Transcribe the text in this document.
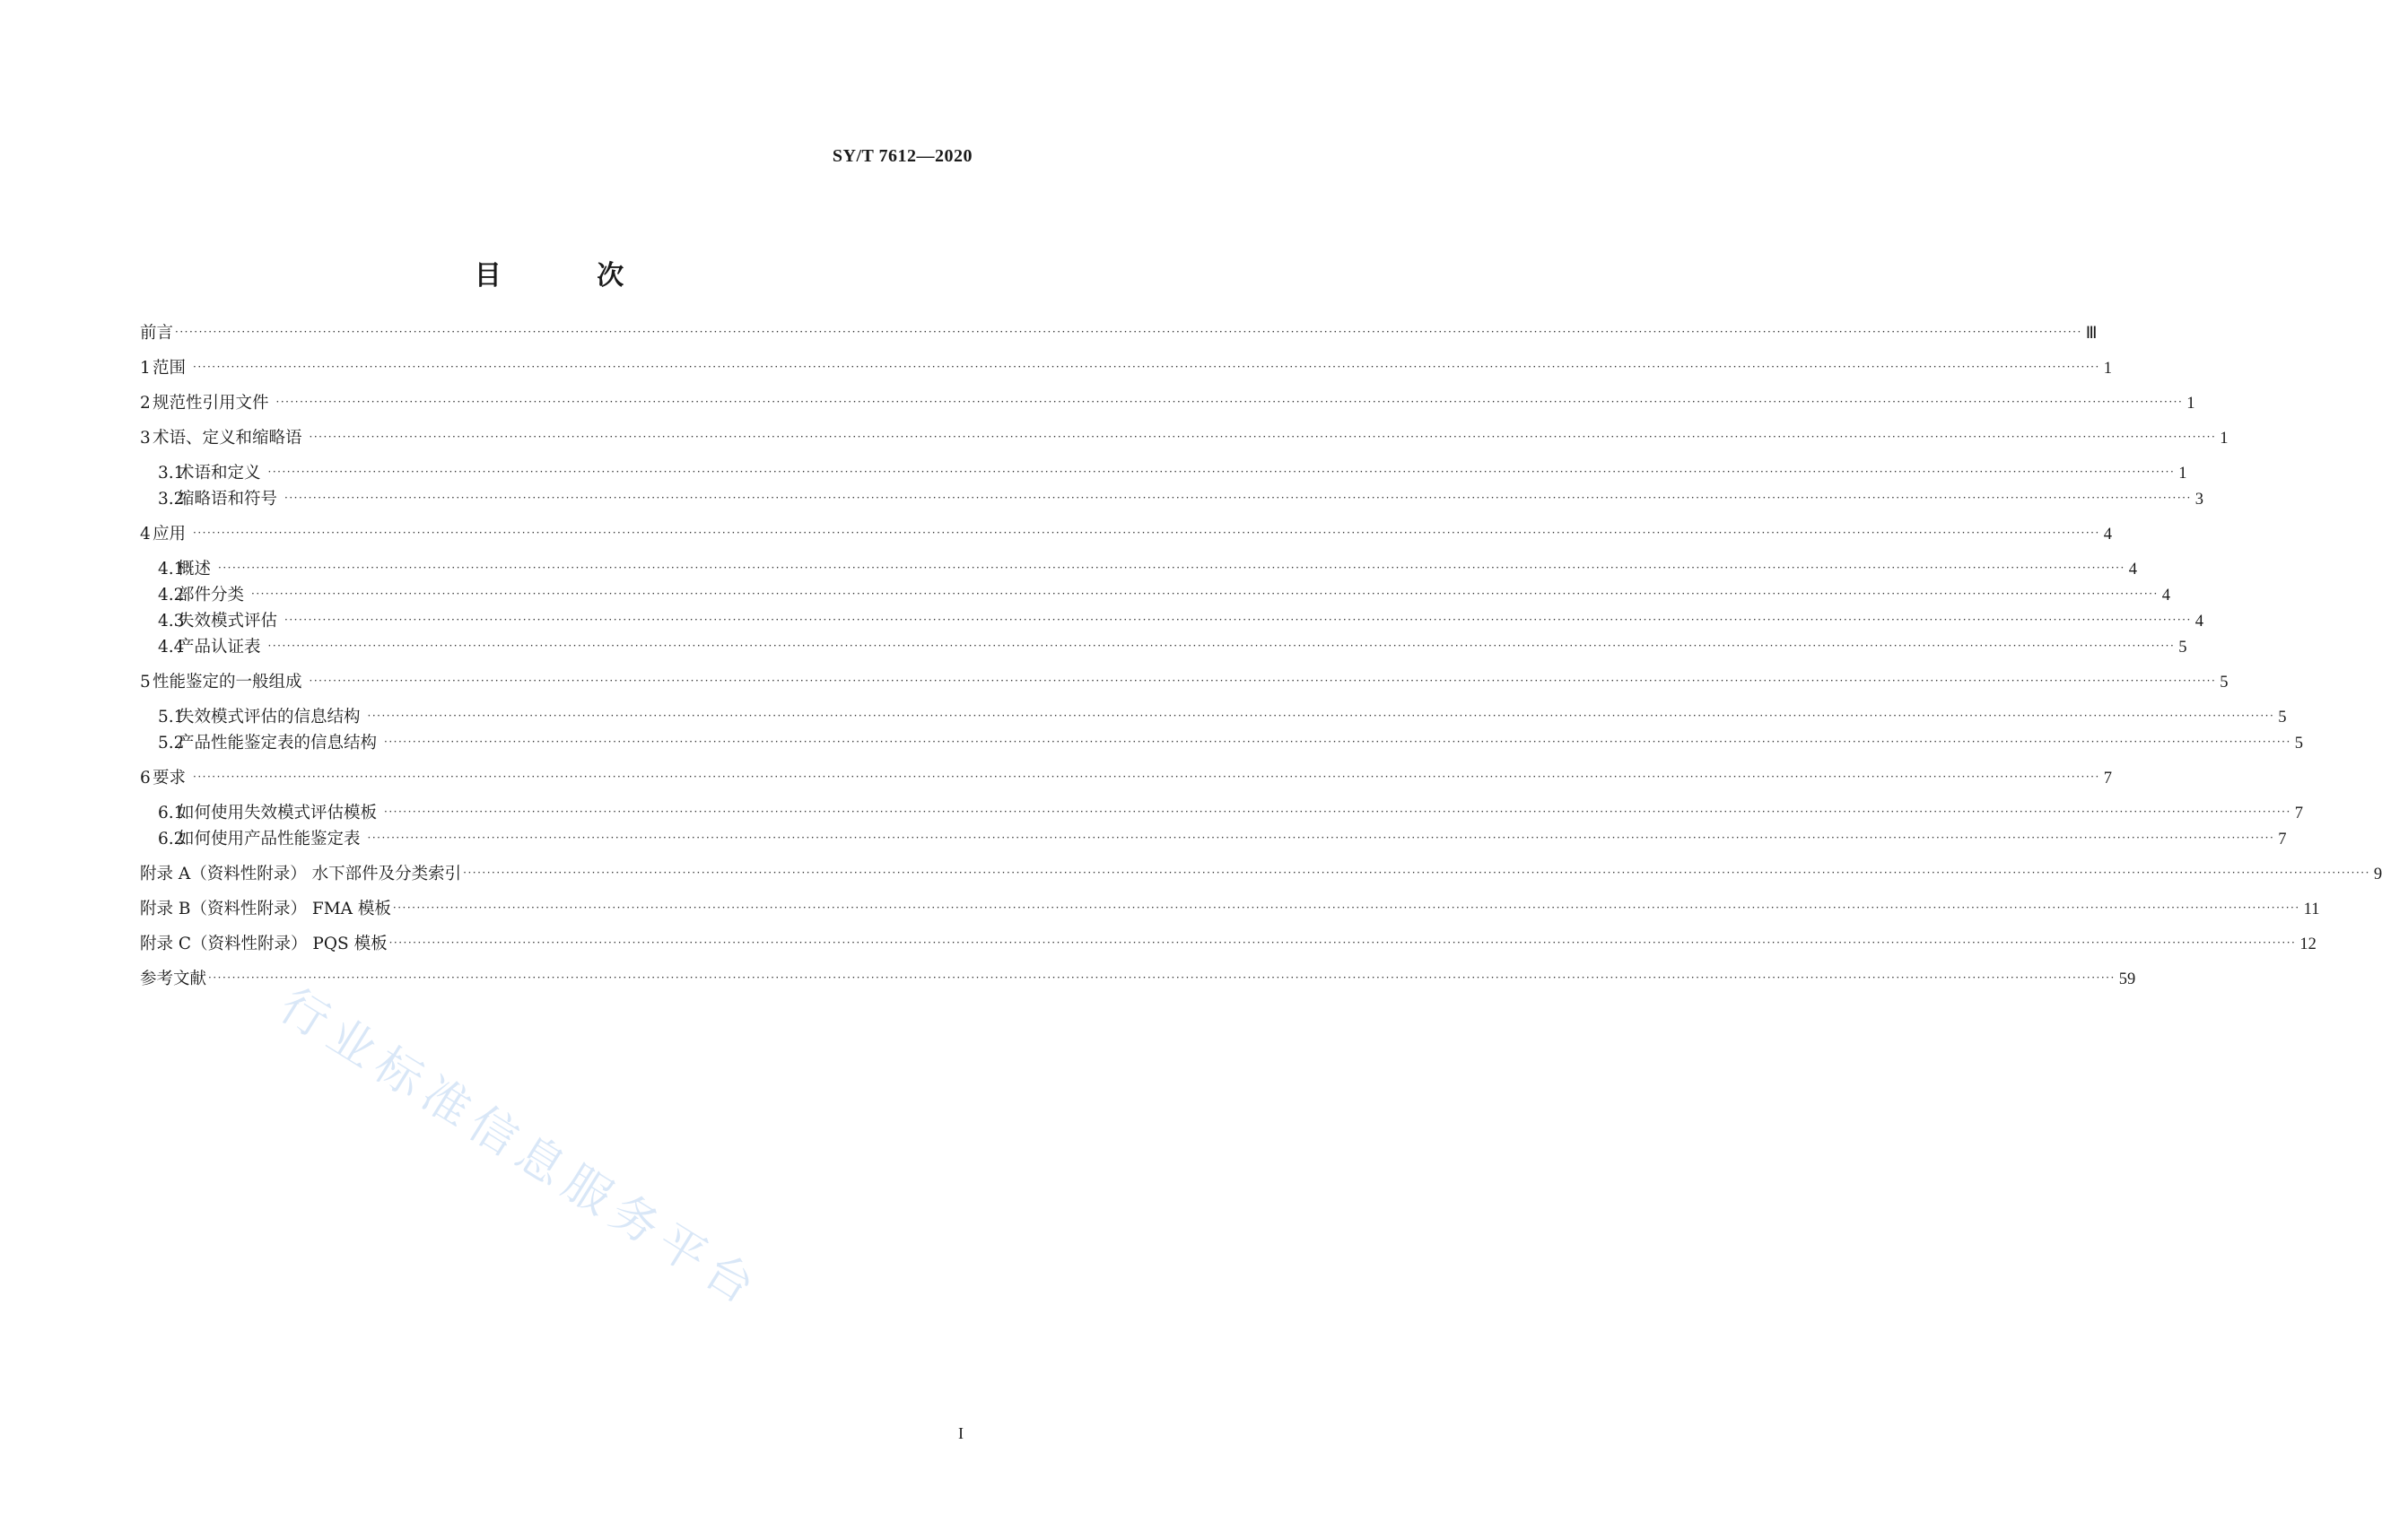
SY/T 7612—2020
目 次
前言 ················································································································································································································································································································································································································ Ⅲ
1 范围 ················································································································································································································································································································································································································ 1
2 规范性引用文件 ················································································································································································································································································································································································································ 1
3 术语、定义和缩略语 ················································································································································································································································································································································································································ 1
3.1
术语和定义 ················································································································································································································································································································································································································ 1
3.2
缩略语和符号 ················································································································································································································································································································································································································ 3
4 应用 ················································································································································································································································································································································································································ 4
4.1
概述 ················································································································································································································································································································································································································ 4
4.2
部件分类 ················································································································································································································································································································································································································ 4
4.3
失效模式评估 ················································································································································································································································································································································································································ 4
4.4
产品认证表 ················································································································································································································································································································································································································ 5
5 性能鉴定的一般组成 ················································································································································································································································································································································································································ 5
5.1
失效模式评估的信息结构 ················································································································································································································································································································································································································ 5
5.2
产品性能鉴定表的信息结构 ················································································································································································································································································································································································································ 5
6 要求 ················································································································································································································································································································································································································ 7
6.1
如何使用失效模式评估模板 ················································································································································································································································································································································································································ 7
6.2
如何使用产品性能鉴定表 ················································································································································································································································································································································································································ 7
附录 A（资料性附录） 水下部件及分类索引 ················································································································································································································································································································································································································ 9
附录 B（资料性附录） FMA 模板 ················································································································································································································································································································································································································ 11
附录 C（资料性附录） PQS 模板 ················································································································································································································································································································································································································ 12
参考文献 ················································································································································································································································································································································································································ 59
I
行业标准信息服务平台
